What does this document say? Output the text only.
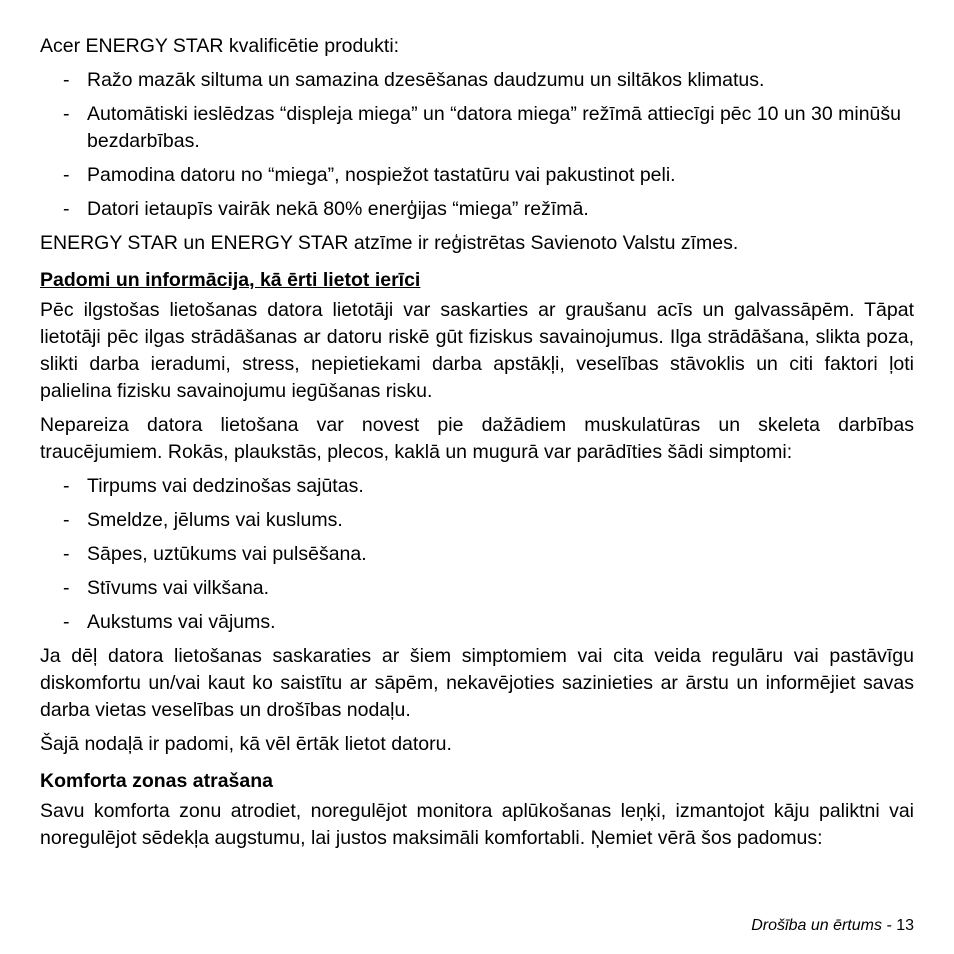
Acer ENERGY STAR kvalificētie produkti:

- Ražo mazāk siltuma un samazina dzesēšanas daudzumu un siltākos klimatus.
- Automātiski ieslēdzas “displeja miega” un “datora miega” režīmā attiecīgi pēc 10 un 30 minūšu bezdarbības.
- Pamodina datoru no “miega”, nospiežot tastatūru vai pakustinot peli.
- Datori ietaupīs vairāk nekā 80% enerģijas “miega” režīmā.

ENERGY STAR un ENERGY STAR atzīme ir reģistrētas Savienoto Valstu zīmes.

Padomi un informācija, kā ērti lietot ierīci

Pēc ilgstošas lietošanas datora lietotāji var saskarties ar graušanu acīs un galvassāpēm. Tāpat lietotāji pēc ilgas strādāšanas ar datoru riskē gūt fiziskus savainojumus. Ilga strādāšana, slikta poza, slikti darba ieradumi, stress, nepietiekami darba apstākļi, veselības stāvoklis un citi faktori ļoti palielina fizisku savainojumu iegūšanas risku.

Nepareiza datora lietošana var novest pie dažādiem muskulatūras un skeleta darbības traucējumiem. Rokās, plaukstās, plecos, kaklā un mugurā var parādīties šādi simptomi:

- Tirpums vai dedzinošas sajūtas.
- Smeldze, jēlums vai kuslums.
- Sāpes, uztūkums vai pulsēšana.
- Stīvums vai vilkšana.
- Aukstums vai vājums.

Ja dēļ datora lietošanas saskaraties ar šiem simptomiem vai cita veida regulāru vai pastāvīgu diskomfortu un/vai kaut ko saistītu ar sāpēm, nekavējoties sazinieties ar ārstu un informējiet savas darba vietas veselības un drošības nodaļu.

Šajā nodaļā ir padomi, kā vēl ērtāk lietot datoru.

Komforta zonas atrašana

Savu komforta zonu atrodiet, noregulējot monitora aplūkošanas leņķi, izmantojot kāju paliktni vai noregulējot sēdekļa augstumu, lai justos maksimāli komfortabli. Ņemiet vērā šos padomus:

Drošība un ērtums - 13
